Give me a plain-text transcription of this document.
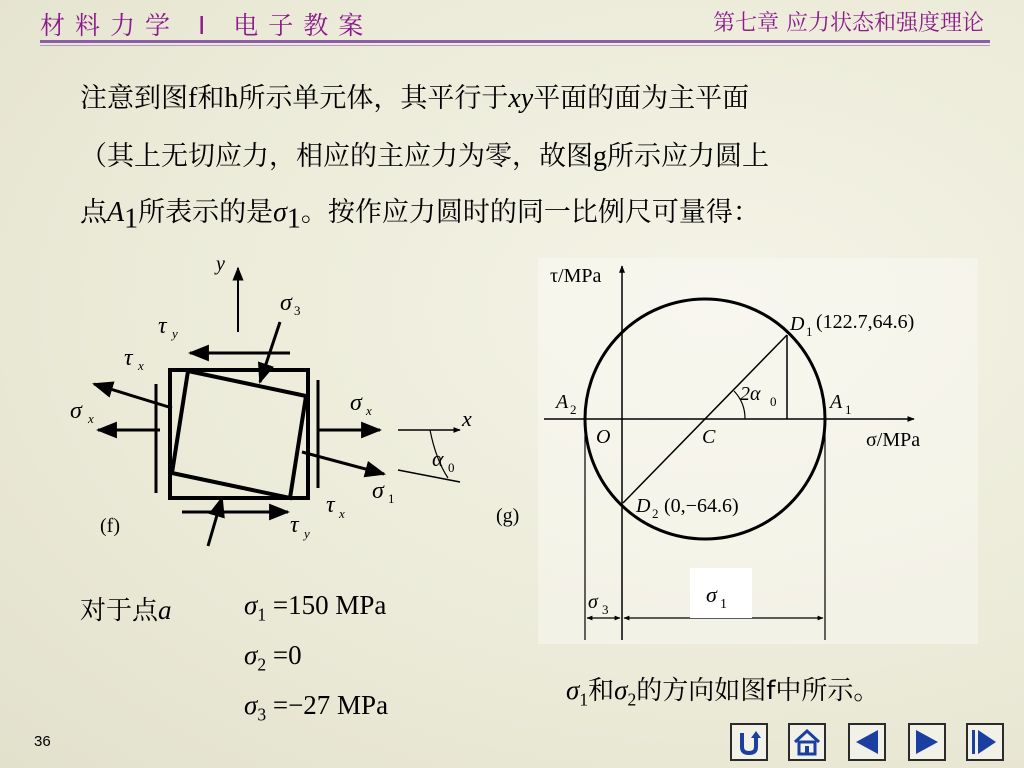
材料力学 Ⅰ 电子教案	第七章 应力状态和强度理论
注意到图f和h所示单元体，其平行于xy平面的面为主平面
（其上无切应力，相应的主应力为零，故图g所示应力圆上
点$A_1$所表示的是$\sigma_1$。按作应力圆时的同一比例尺可量得：
y
τ y
τ x
σ x
σ 3
σ x
σ 1
x
α 0
τ x
τ y
(f)
τ/MPa
σ/MPa
2α 0
O	C
A 2	A 1
D 1 (122.7,64.6)
D 2 (0,−64.6)
σ 3
σ 1
(g)
对于点a	$\sigma_1 =150$ MPa
$\sigma_2 =0$
$\sigma_3 =-27$ MPa	$\sigma_1$和$\sigma_2$的方向如图f中所示。
36
